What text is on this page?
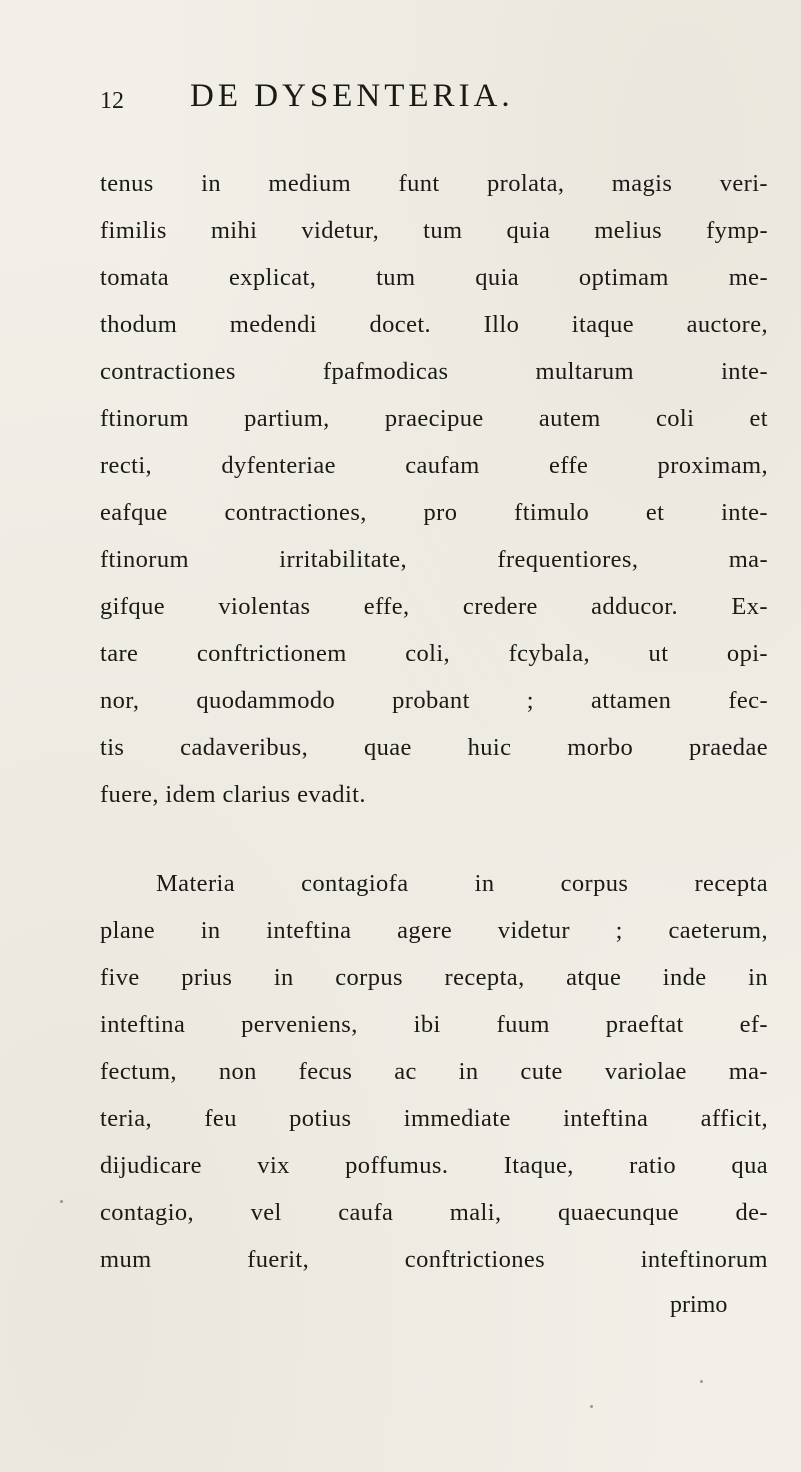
12 DE DYSENTERIA.
tenus in medium funt prolata, magis veri-
fimilis mihi videtur, tum quia melius fymp-
tomata explicat, tum quia optimam me-
thodum medendi docet. Illo itaque auctore,
contractiones fpafmodicas multarum inte-
ftinorum partium, praecipue autem coli et
recti, dyfenteriae caufam effe proximam,
eafque contractiones, pro ftimulo et inte-
ftinorum irritabilitate, frequentiores, ma-
gifque violentas effe, credere adducor. Ex-
tare conftrictionem coli, fcybala, ut opi-
nor, quodammodo probant ; attamen fec-
tis cadaveribus, quae huic morbo praedae
fuere, idem clarius evadit.
Materia contagiofa in corpus recepta
plane in inteftina agere videtur ; caeterum,
five prius in corpus recepta, atque inde in
inteftina perveniens, ibi fuum praeftat ef-
fectum, non fecus ac in cute variolae ma-
teria, feu potius immediate inteftina afficit,
dijudicare vix poffumus. Itaque, ratio qua
contagio, vel caufa mali, quaecunque de-
mum fuerit, conftrictiones inteftinorum
primo
